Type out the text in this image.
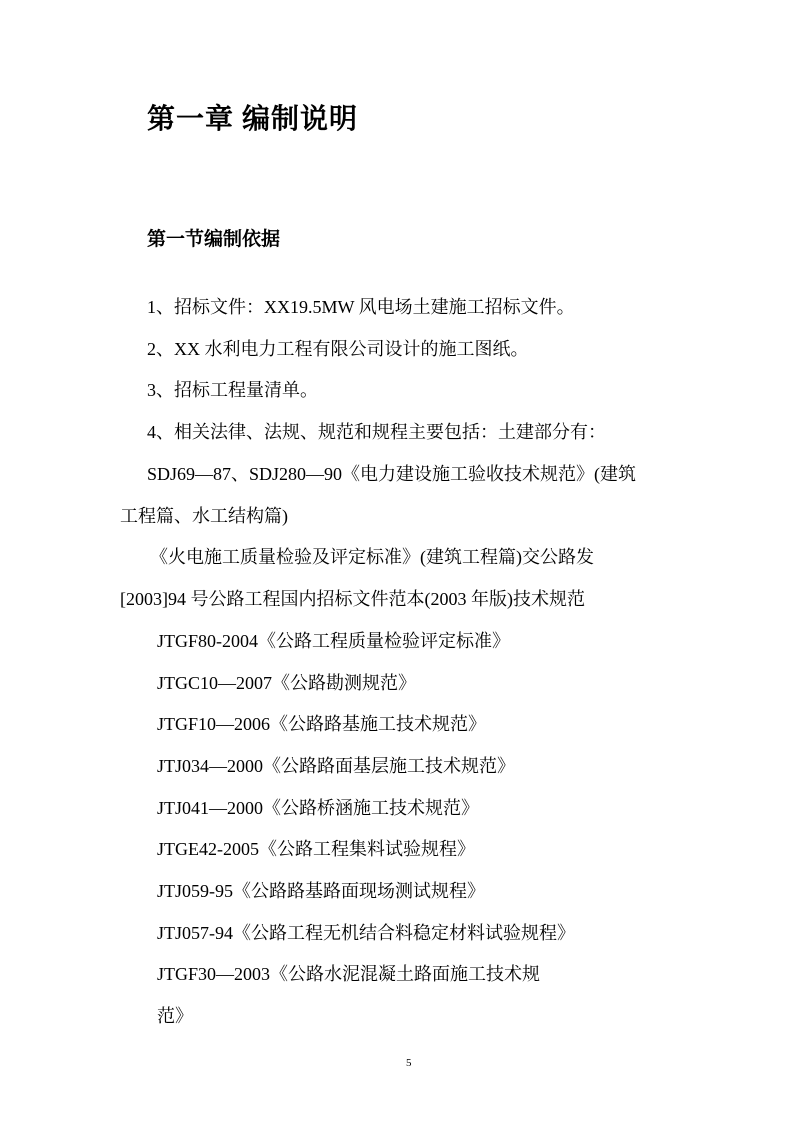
第一章 编制说明
第一节编制依据
1、招标文件：XX19.5MW 风电场土建施工招标文件。
2、XX 水利电力工程有限公司设计的施工图纸。
3、招标工程量清单。
4、相关法律、法规、规范和规程主要包括：土建部分有：
SDJ69—87、SDJ280—90《电力建设施工验收技术规范》(建筑
工程篇、水工结构篇)
《火电施工质量检验及评定标准》(建筑工程篇)交公路发
[2003]94 号公路工程国内招标文件范本(2003 年版)技术规范
JTGF80-2004《公路工程质量检验评定标准》
JTGC10—2007《公路勘测规范》
JTGF10—2006《公路路基施工技术规范》
JTJ034—2000《公路路面基层施工技术规范》
JTJ041—2000《公路桥涵施工技术规范》
JTGE42-2005《公路工程集料试验规程》
JTJ059-95《公路路基路面现场测试规程》
JTJ057-94《公路工程无机结合料稳定材料试验规程》
JTGF30—2003《公路水泥混凝土路面施工技术规
范》
5
